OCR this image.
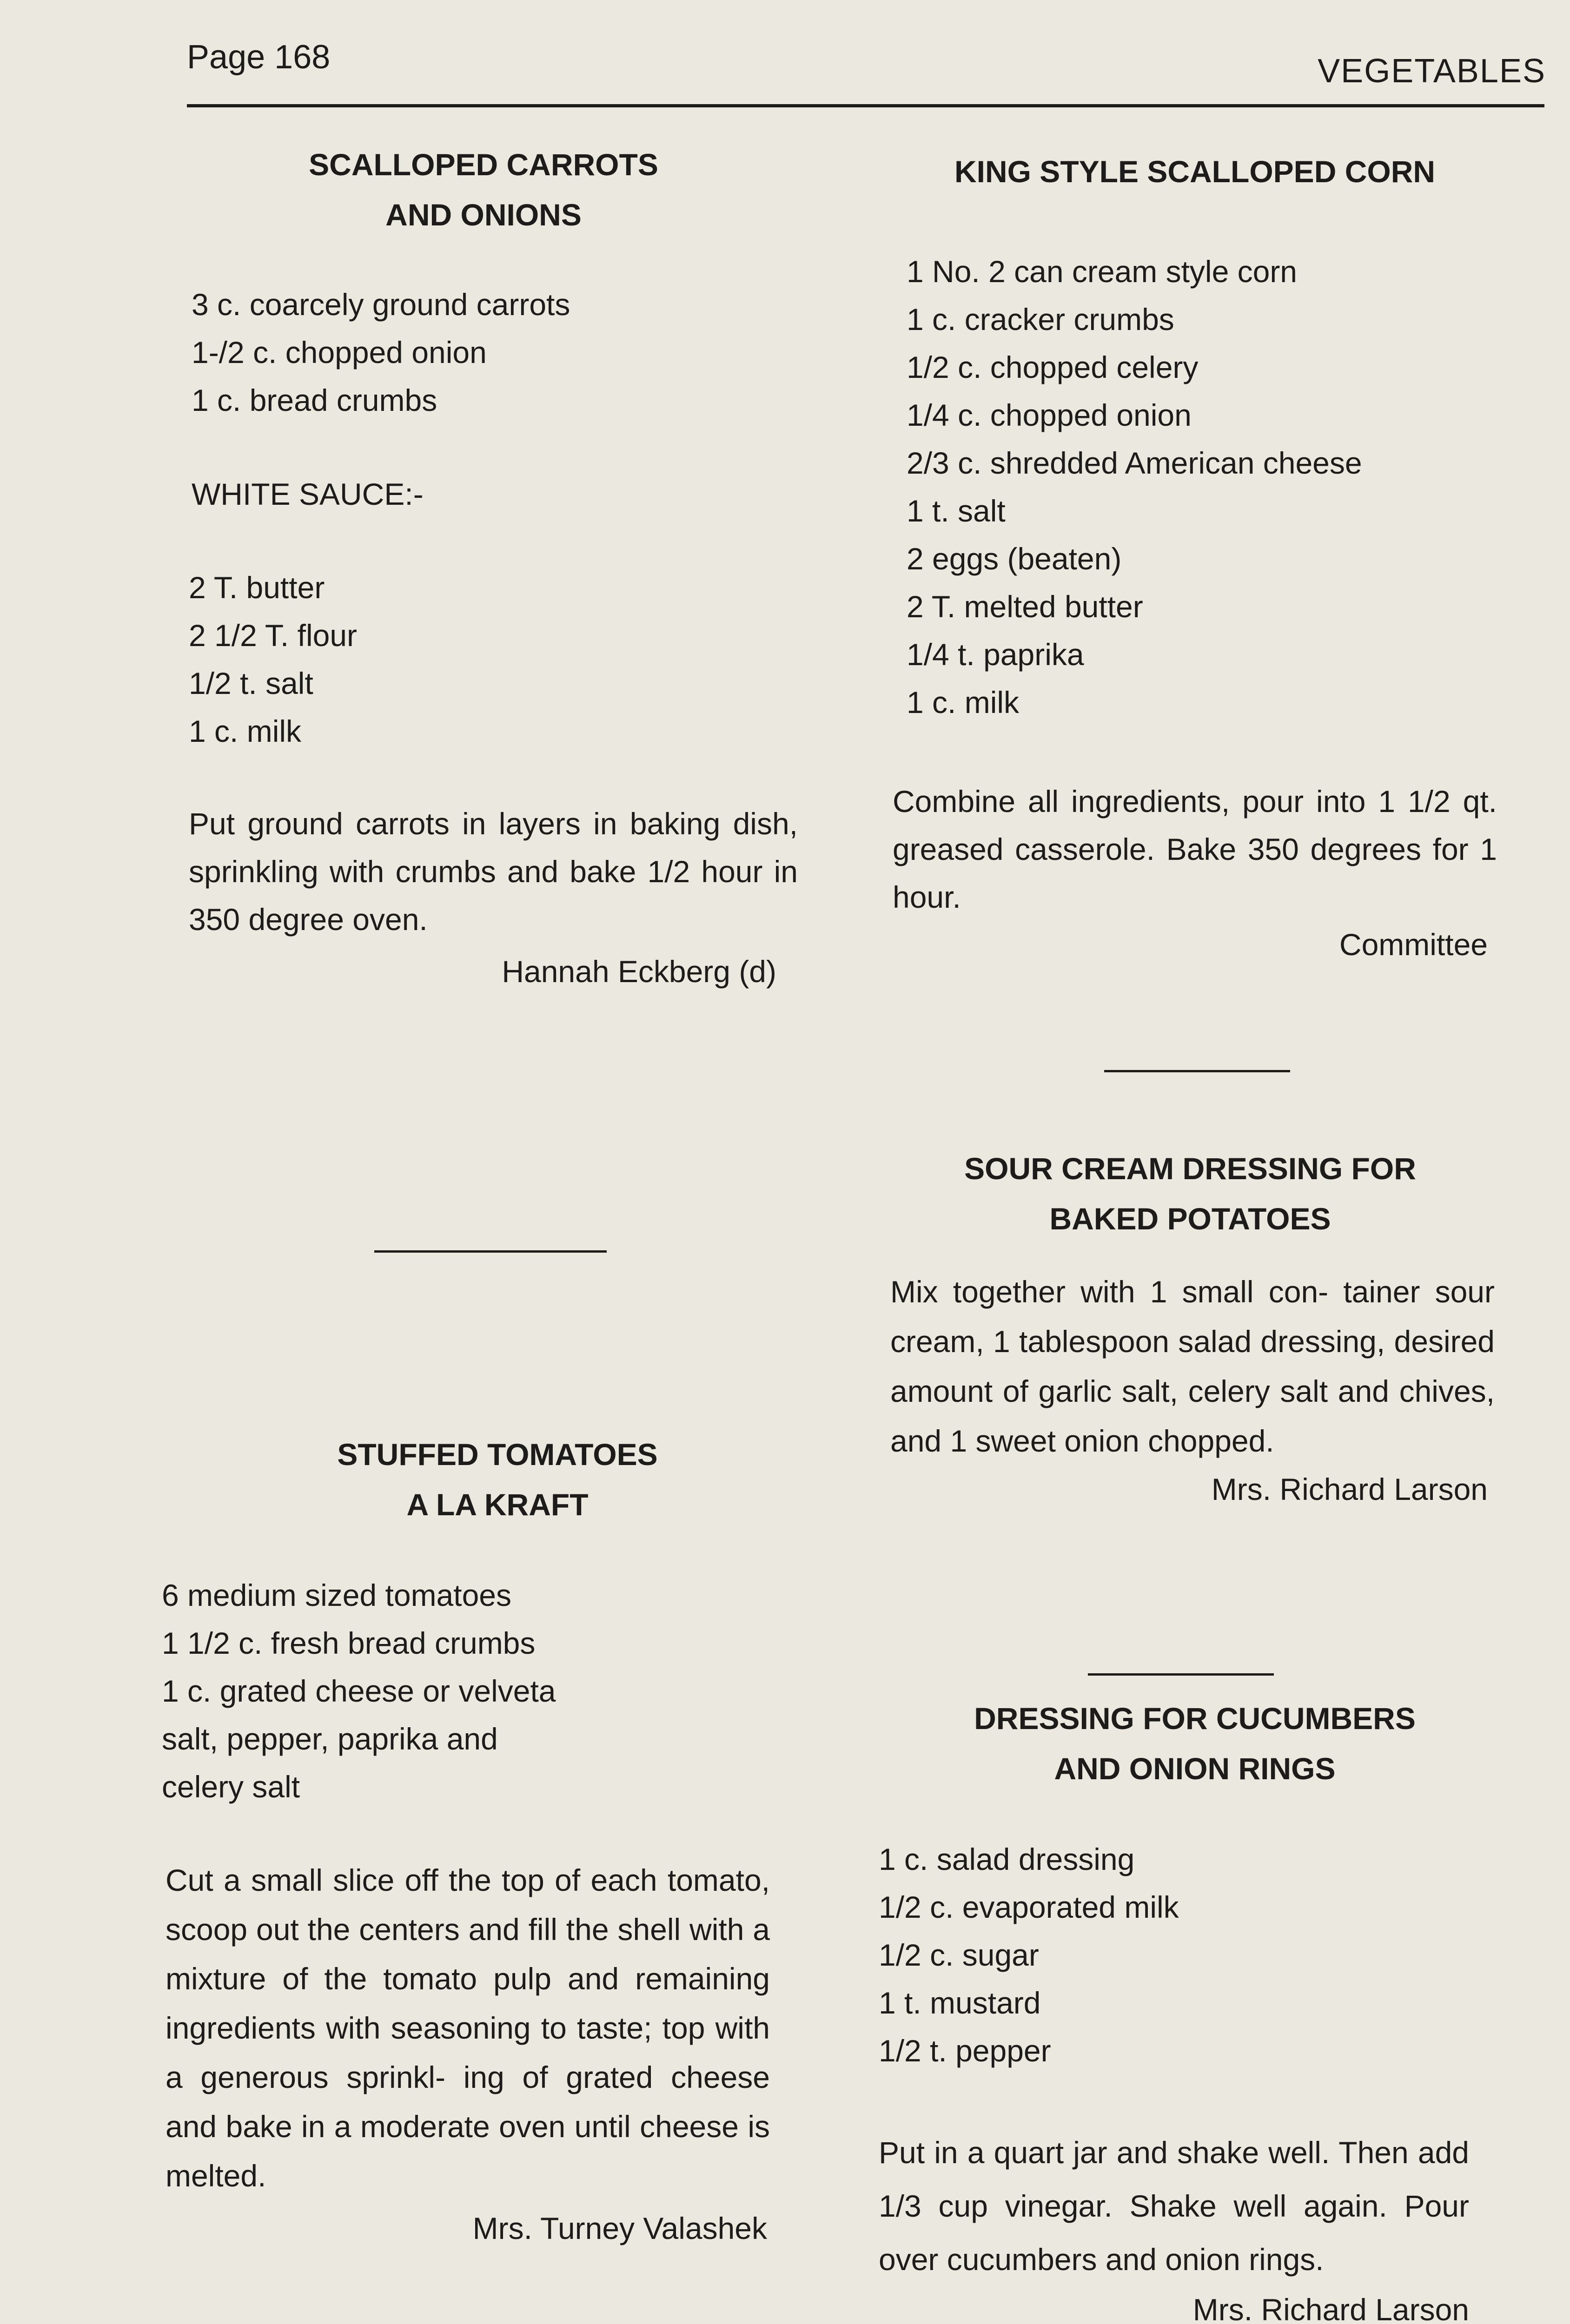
Page 168	VEGETABLES
SCALLOPED CARROTS
AND ONIONS
3 c. coarcely ground carrots
1-/2 c. chopped onion
1 c. bread crumbs

WHITE SAUCE:-

2 T. butter
2 1/2 T. flour
1/2 t. salt
1 c. milk

Put ground carrots in layers in baking dish, sprinkling with crumbs and bake 1/2 hour in 350 degree oven.

Hannah Eckberg (d)

STUFFED TOMATOES
A LA KRAFT
6 medium sized tomatoes
1 1/2 c. fresh bread crumbs
1 c. grated cheese or velveta
salt, pepper, paprika and
celery salt

Cut a small slice off the top of each tomato, scoop out the centers and fill the shell with a mixture of the tomato pulp and remaining ingredients with seasoning to taste; top with a generous sprinkl- ing of grated cheese and bake in a moderate oven until cheese is melted.

Mrs. Turney Valashek

KING STYLE SCALLOPED CORN
1 No. 2 can cream style corn
1 c. cracker crumbs
1/2 c. chopped celery
1/4 c. chopped onion
2/3 c. shredded American cheese
1 t. salt
2 eggs (beaten)
2 T. melted butter
1/4 t. paprika
1 c. milk

Combine all ingredients, pour into 1 1/2 qt. greased casserole. Bake 350 degrees for 1 hour.

Committee

SOUR CREAM DRESSING FOR
BAKED POTATOES

Mix together with 1 small con- tainer sour cream, 1 tablespoon salad dressing, desired amount of garlic salt, celery salt and chives, and 1 sweet onion chopped.

Mrs. Richard Larson

DRESSING FOR CUCUMBERS
AND ONION RINGS
1 c. salad dressing
1/2 c. evaporated milk
1/2 c. sugar
1 t. mustard
1/2 t. pepper

Put in a quart jar and shake well. Then add 1/3 cup vinegar. Shake well again. Pour over cucumbers and onion rings.

Mrs. Richard Larson
